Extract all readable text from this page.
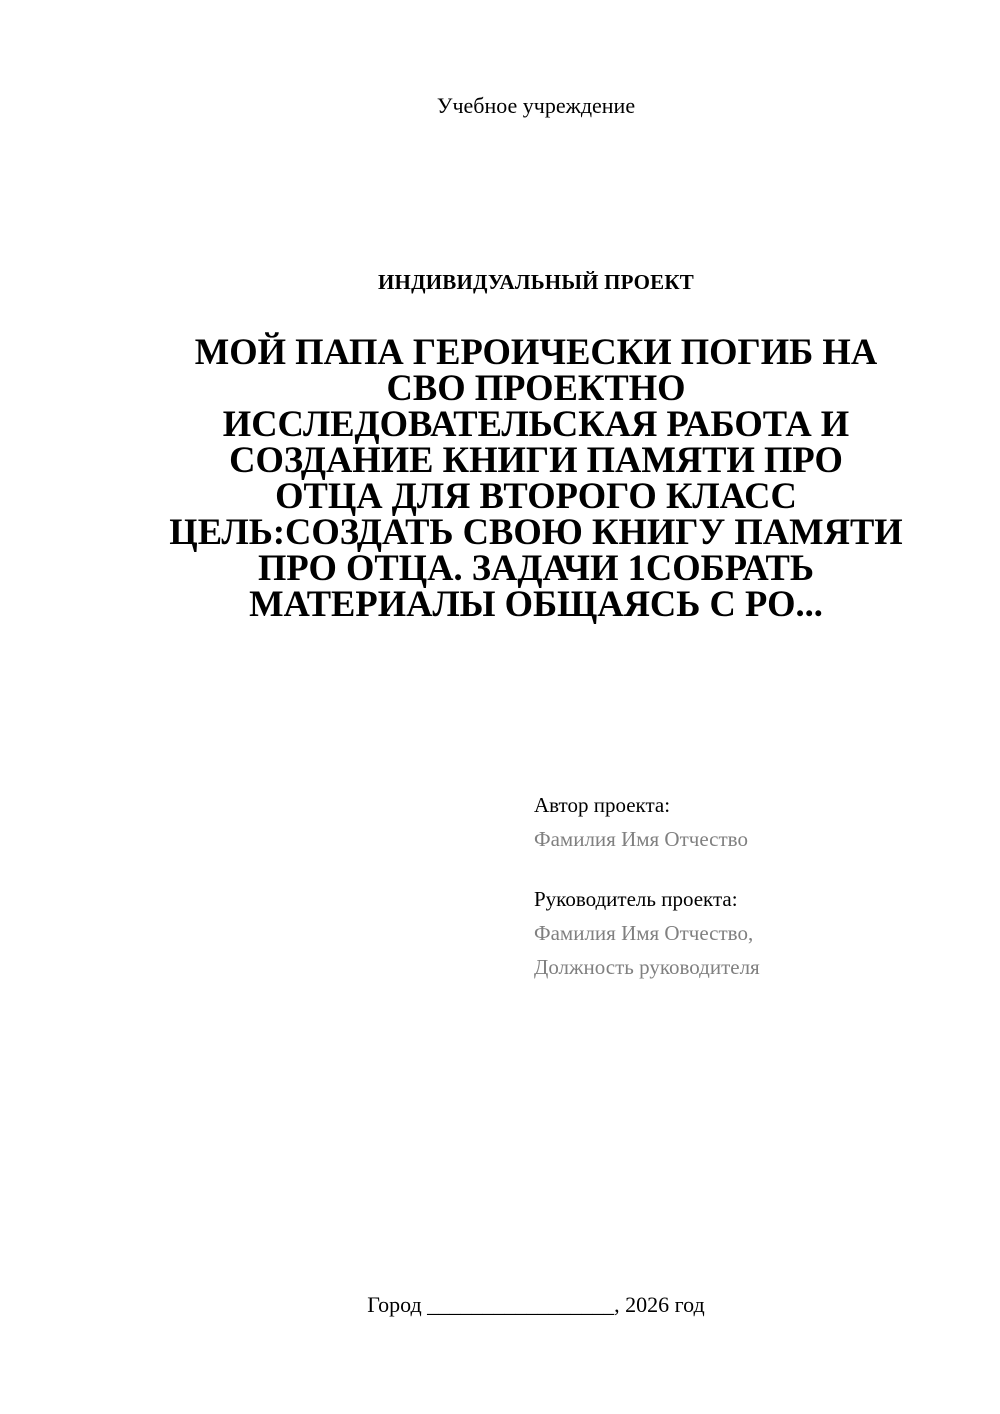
Учебное учреждение
ИНДИВИДУАЛЬНЫЙ ПРОЕКТ
МОЙ ПАПА ГЕРОИЧЕСКИ ПОГИБ НА
СВО ПРОЕКТНО
ИССЛЕДОВАТЕЛЬСКАЯ РАБОТА И
СОЗДАНИЕ КНИГИ ПАМЯТИ ПРО
ОТЦА ДЛЯ ВТОРОГО КЛАСС
ЦЕЛЬ:СОЗДАТЬ СВОЮ КНИГУ ПАМЯТИ
ПРО ОТЦА. ЗАДАЧИ 1СОБРАТЬ
МАТЕРИАЛЫ ОБЩАЯСЬ С РО...
Автор проекта:
Фамилия Имя Отчество
Руководитель проекта:
Фамилия Имя Отчество,
Должность руководителя
Город _________________, 2026 год
